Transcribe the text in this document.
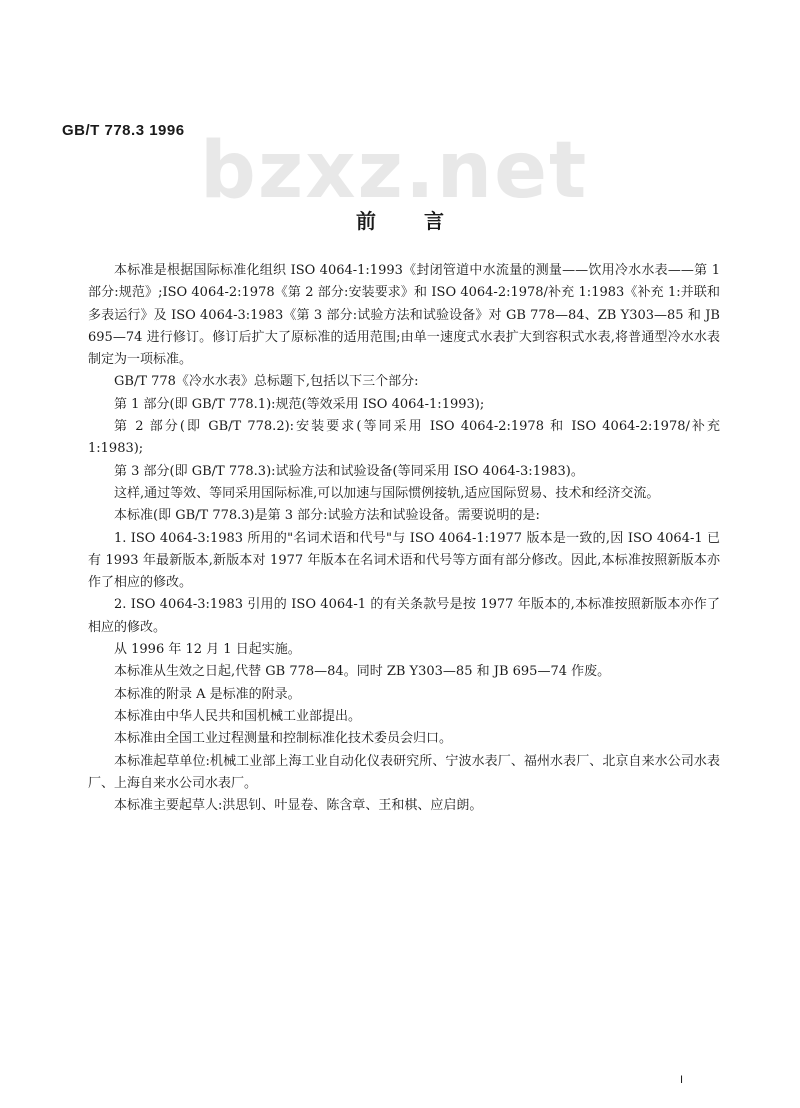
GB/T 778.3 1996 bzxz.net
前言

本标准是根据国际标准化组织 ISO 4064-1:1993《封闭管道中水流量的测量——饮用冷水水表——第 1 部分:规范》;ISO 4064-2:1978《第 2 部分:安装要求》和 ISO 4064-2:1978/补充 1:1983《补充 1:并联和多表运行》及 ISO 4064-3:1983《第 3 部分:试验方法和试验设备》对 GB 778—84、ZB Y303—85 和 JB 695—74 进行修订。修订后扩大了原标准的适用范围;由单一速度式水表扩大到容积式水表,将普通型冷水水表制定为一项标准。

GB/T 778《冷水水表》总标题下,包括以下三个部分:

第 1 部分(即 GB/T 778.1):规范(等效采用 ISO 4064-1:1993);

第 2 部分(即 GB/T 778.2):安装要求(等同采用 ISO 4064-2:1978 和 ISO 4064-2:1978/补充 1:1983);

第 3 部分(即 GB/T 778.3):试验方法和试验设备(等同采用 ISO 4064-3:1983)。

这样,通过等效、等同采用国际标准,可以加速与国际惯例接轨,适应国际贸易、技术和经济交流。

本标准(即 GB/T 778.3)是第 3 部分:试验方法和试验设备。需要说明的是:

1. ISO 4064-3:1983 所用的"名词术语和代号"与 ISO 4064-1:1977 版本是一致的,因 ISO 4064-1 已有 1993 年最新版本,新版本对 1977 年版本在名词术语和代号等方面有部分修改。因此,本标准按照新版本亦作了相应的修改。

2. ISO 4064-3:1983 引用的 ISO 4064-1 的有关条款号是按 1977 年版本的,本标准按照新版本亦作了相应的修改。

从 1996 年 12 月 1 日起实施。

本标准从生效之日起,代替 GB 778—84。同时 ZB Y303—85 和 JB 695—74 作废。

本标准的附录 A 是标准的附录。

本标准由中华人民共和国机械工业部提出。

本标准由全国工业过程测量和控制标准化技术委员会归口。

本标准起草单位:机械工业部上海工业自动化仪表研究所、宁波水表厂、福州水表厂、北京自来水公司水表厂、上海自来水公司水表厂。

本标准主要起草人:洪思钊、叶显卷、陈含章、王和棋、应启朗。

I
